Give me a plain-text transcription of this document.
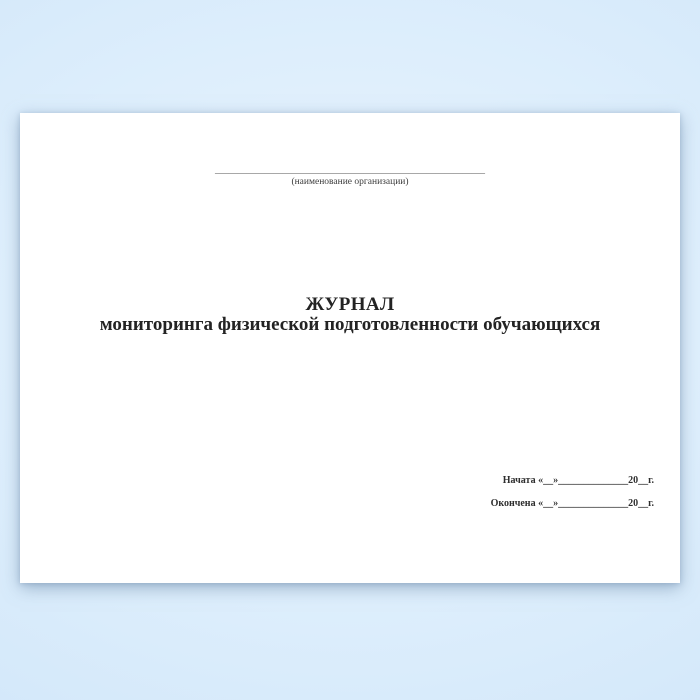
____________________________________________________________
(наименование организации)
ЖУРНАЛ
мониторинга физической подготовленности обучающихся
Начата «__»______________20__г.
Окончена «__»______________20__г.
